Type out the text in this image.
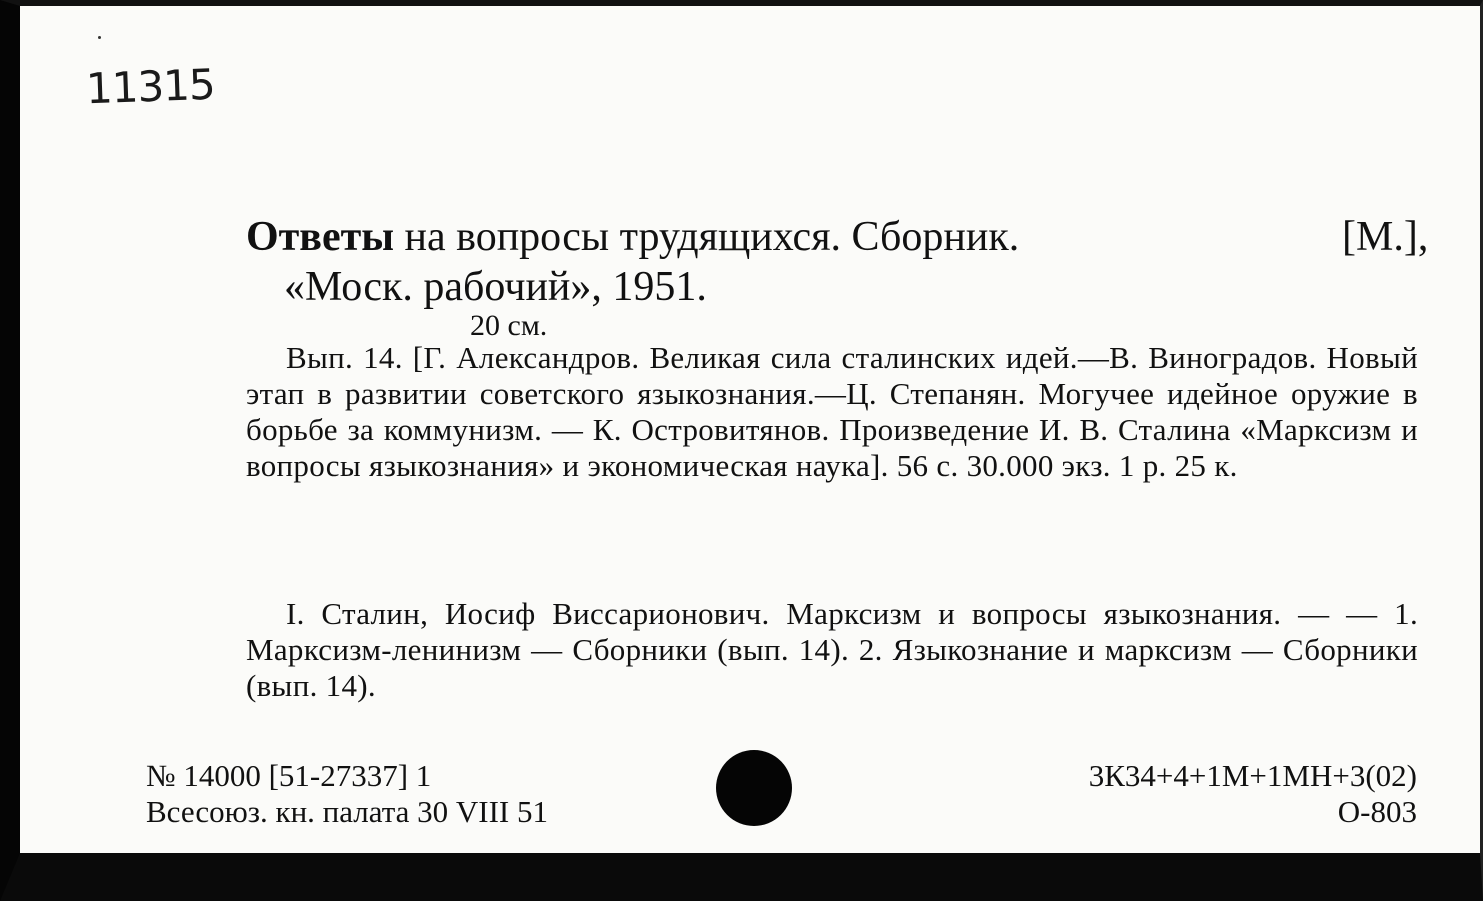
11315
Ответы на вопросы трудящихся. Сборник.	[М.],
«Моск. рабочий», 1951.
20 см.
Вып. 14. [Г. Александров. Великая сила сталинских идей.—В. Виноградов. Новый этап в развитии советского языкознания.—Ц. Степанян. Могучее идейное оружие в борьбе за коммунизм. — К. Островитянов. Произведение И. В. Сталина «Марксизм и вопросы языкознания» и экономическая наука]. 56 с. 30.000 экз. 1 р. 25 к.
I. Сталин, Иосиф Виссарионович. Марксизм и вопросы языкознания. — — 1. Марксизм-ленинизм — Сборники (вып. 14). 2. Языкознание и марксизм — Сборники (вып. 14).
№ 14000 [51-27337] 1
Всесоюз. кн. палата 30 VIII 51
3К34+4+1М+1МН+3(02)
О-803
